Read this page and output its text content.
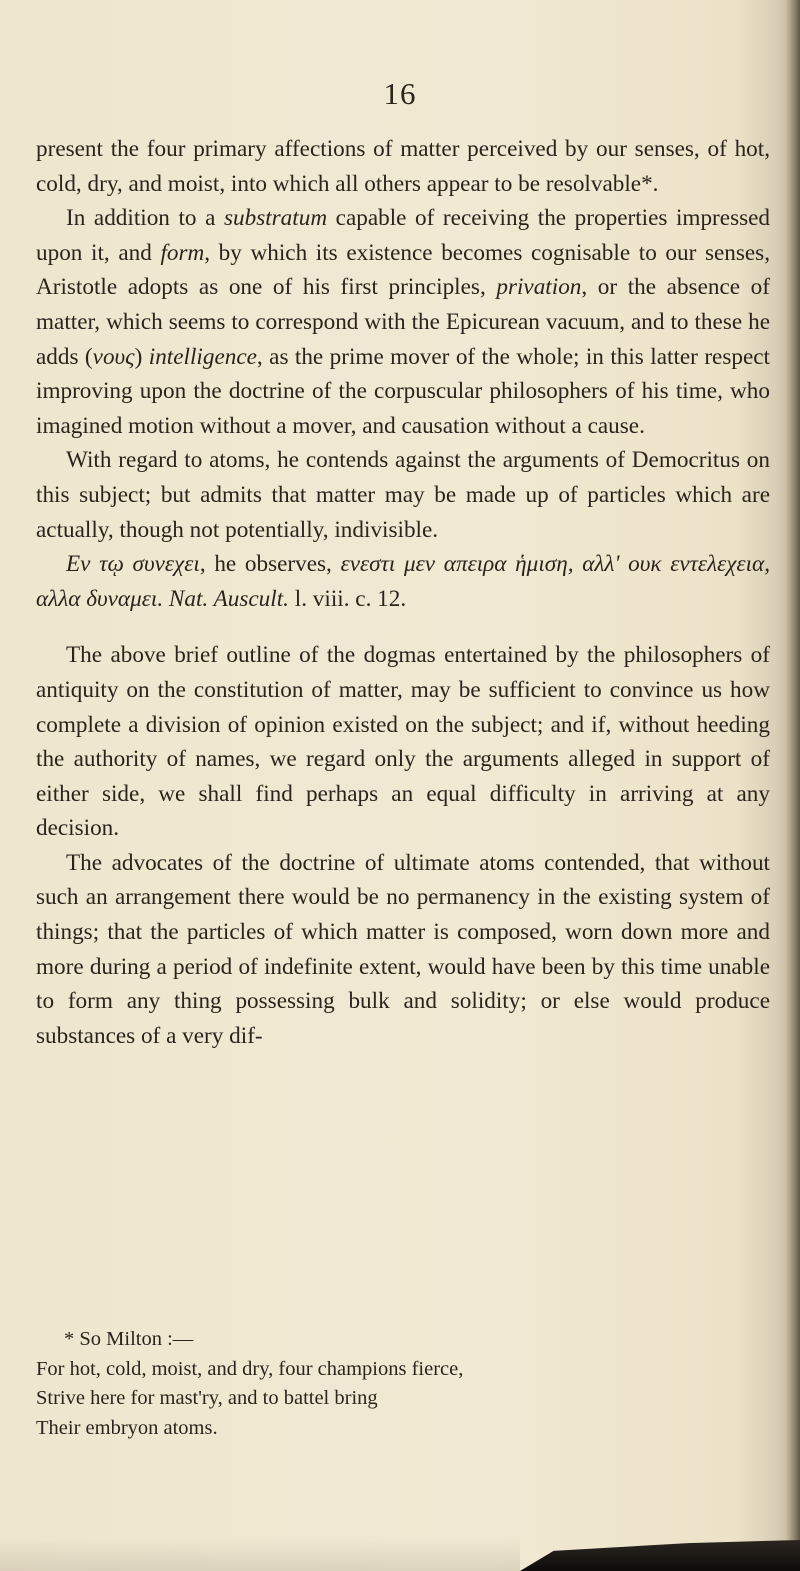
16

present the four primary affections of matter perceived by our senses, of hot, cold, dry, and moist, into which all others appear to be resolvable*.

In addition to a substratum capable of receiving the properties impressed upon it, and form, by which its existence becomes cognisable to our senses, Aristotle adopts as one of his first principles, privation, or the absence of matter, which seems to correspond with the Epicurean vacuum, and to these he adds (νους) intelligence, as the prime mover of the whole; in this latter respect improving upon the doctrine of the corpuscular philosophers of his time, who imagined motion without a mover, and causation without a cause.

With regard to atoms, he contends against the arguments of Democritus on this subject; but admits that matter may be made up of particles which are actually, though not potentially, indivisible.

Εν τῳ συνεχει, he observes, ενεστι μεν απειρα ἡμιση, αλλ' ουκ εντελεχεια, αλλα δυναμει. Nat. Auscult. l. viii. c. 12.

The above brief outline of the dogmas entertained by the philosophers of antiquity on the constitution of matter, may be sufficient to convince us how complete a division of opinion existed on the subject; and if, without heeding the authority of names, we regard only the arguments alleged in support of either side, we shall find perhaps an equal difficulty in arriving at any decision.

The advocates of the doctrine of ultimate atoms contended, that without such an arrangement there would be no permanency in the existing system of things; that the particles of which matter is composed, worn down more and more during a period of indefinite extent, would have been by this time unable to form any thing possessing bulk and solidity; or else would produce substances of a very dif-

* So Milton :—

For hot, cold, moist, and dry, four champions fierce,

Strive here for mast'ry, and to battel bring

Their embryon atoms.
